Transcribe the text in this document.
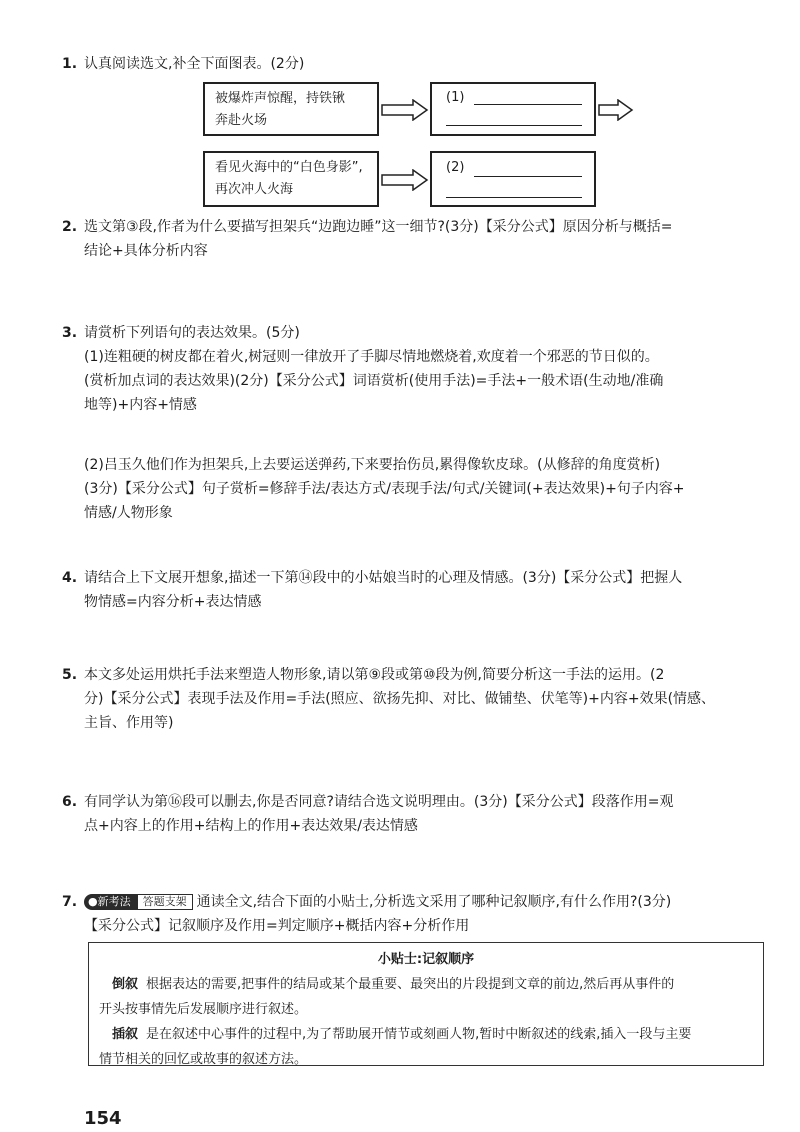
1. 认真阅读选文,补全下面图表。(2分)

被爆炸声惊醒，持铁锹
奔赴火场
(1)
看见火海中的“白色身影”,
再次冲人火海
(2)
2. 选文第③段,作者为什么要描写担架兵“边跑边睡”这一细节?(3分)【采分公式】原因分析与概括=

结论+具体分析内容

3. 请赏析下列语句的表达效果。(5分)

(1)连粗硬的树皮都在着火,树冠则一律放开了手脚尽情地燃烧着,欢度着一个邪恶的节日似的。

(赏析加点词的表达效果)(2分)【采分公式】词语赏析(使用手法)=手法+一般术语(生动地/准确

地等)+内容+情感

(2)吕玉久他们作为担架兵,上去要运送弹药,下来要抬伤员,累得像软皮球。(从修辞的角度赏析)

(3分)【采分公式】句子赏析=修辞手法/表达方式/表现手法/句式/关键词(+表达效果)+句子内容+

情感/人物形象

4. 请结合上下文展开想象,描述一下第⑭段中的小姑娘当时的心理及情感。(3分)【采分公式】把握人

物情感=内容分析+表达情感

5. 本文多处运用烘托手法来塑造人物形象,请以第⑨段或第⑩段为例,简要分析这一手法的运用。(2

分)【采分公式】表现手法及作用=手法(照应、欲扬先抑、对比、做铺垫、伏笔等)+内容+效果(情感、

主旨、作用等)

6. 有同学认为第⑯段可以删去,你是否同意?请结合选文说明理由。(3分)【采分公式】段落作用=观

点+内容上的作用+结构上的作用+表达效果/表达情感

7. ●新考法 答题支架 通读全文,结合下面的小贴士,分析选文采用了哪种记叙顺序,有什么作用?(3分)

【采分公式】记叙顺序及作用=判定顺序+概括内容+分析作用

小贴士:记叙顺序

倒叙 根据表达的需要,把事件的结局或某个最重要、最突出的片段提到文章的前边,然后再从事件的

开头按事情先后发展顺序进行叙述。

插叙 是在叙述中心事件的过程中,为了帮助展开情节或刻画人物,暂时中断叙述的线索,插入一段与主要

情节相关的回忆或故事的叙述方法。

154
